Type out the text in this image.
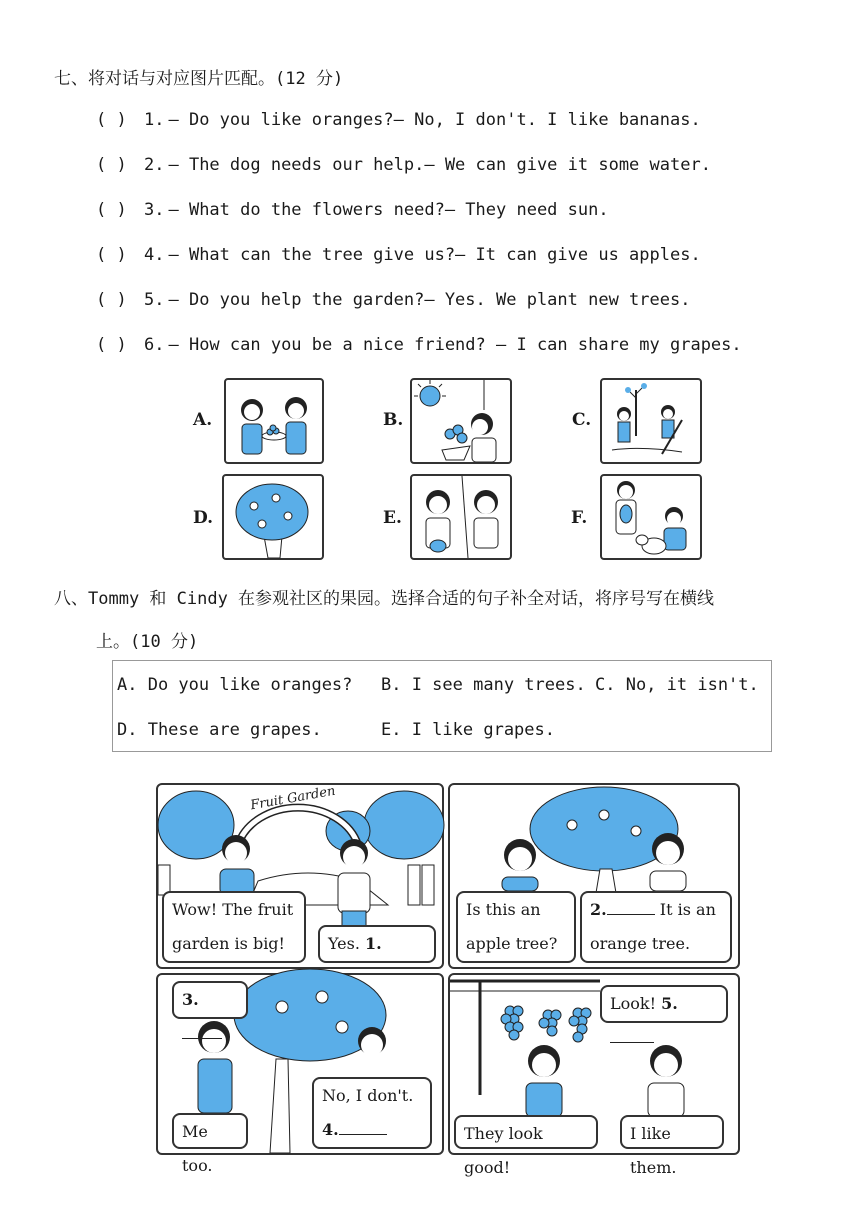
七、将对话与对应图片匹配。(12 分)
( ) 1. — Do you like oranges?— No, I don't. I like bananas.
( ) 2. — The dog needs our help.— We can give it some water.
( ) 3. — What do the flowers need?— They need sun.
( ) 4. — What can the tree give us?— It can give us apples.
( ) 5. — Do you help the garden?— Yes. We plant new trees.
( ) 6. — How can you be a nice friend? — I can share my grapes.
A.	B.	C.
D.	E.	F.
八、Tommy 和 Cindy 在参观社区的果园。选择合适的句子补全对话，将序号写在横线
上。(10 分)
A. Do you like oranges? B. I see many trees. C. No, it isn't.
D. These are grapes.	E. I like grapes.
Fruit Garden
Wow! The fruit
garden is big!	Yes. 1.
Is this an
apple tree?
2.	It is an
orange tree.
3.
Me too.
No, I don't.
4.
Look! 5.
They look good!
I like them.
